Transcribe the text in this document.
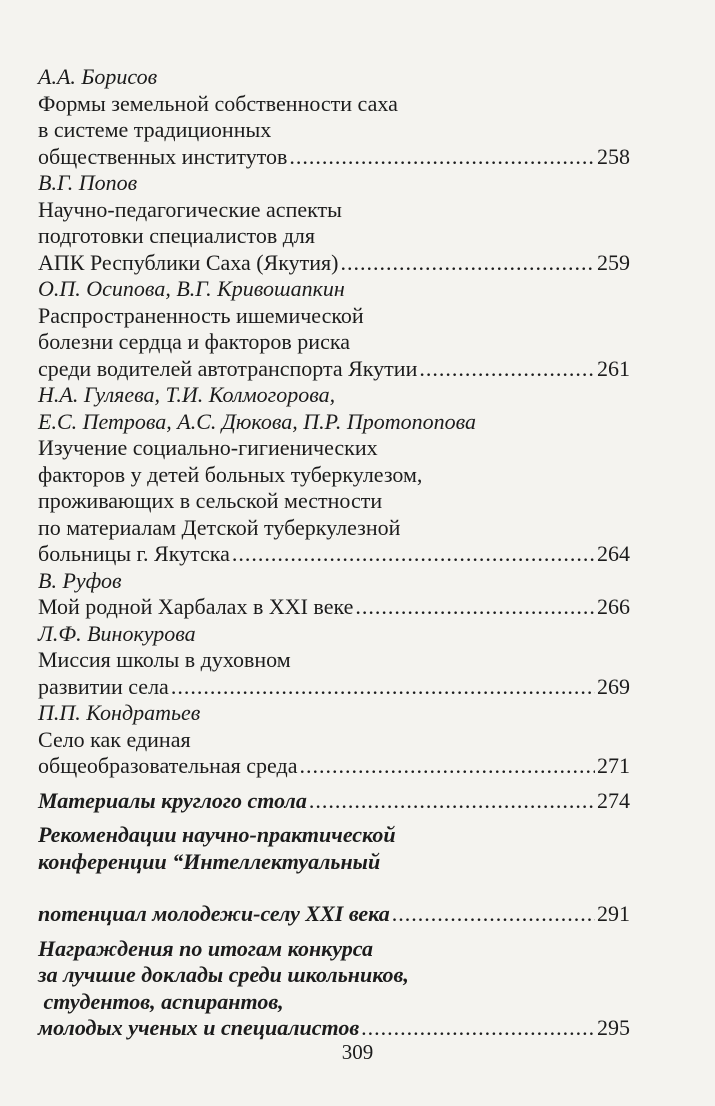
А.А. Борисов
Формы земельной собственности саха
в системе традиционных
общественных институтов .....	258
В.Г. Попов
Научно-педагогические аспекты
подготовки специалистов для
АПК Республики Саха (Якутия) .....	259
О.П. Осипова, В.Г. Кривошапкин
Распространенность ишемической
болезни сердца и факторов риска
среди водителей автотранспорта Якутии .....	261
Н.А. Гуляева, Т.И. Колмогорова,
Е.С. Петрова, А.С. Дюкова, П.Р. Протопопова
Изучение социально-гигиенических
факторов у детей больных туберкулезом,
проживающих в сельской местности
по материалам Детской туберкулезной
больницы г. Якутска .....	264
В. Руфов
Мой родной Харбалах в XXI веке .....	266
Л.Ф. Винокурова
Миссия школы в духовном
развитии села .....	269
П.П. Кондратьев
Село как единая
общеобразовательная среда .....	271
Материалы круглого стола .....	274
Рекомендации научно-практической
конференции “Интеллектуальный
потенциал молодежи-селу XXI века .....	291
Награждения по итогам конкурса
за лучшие доклады среди школьников,
студентов, аспирантов,
молодых ученых и специалистов .....	295
309
